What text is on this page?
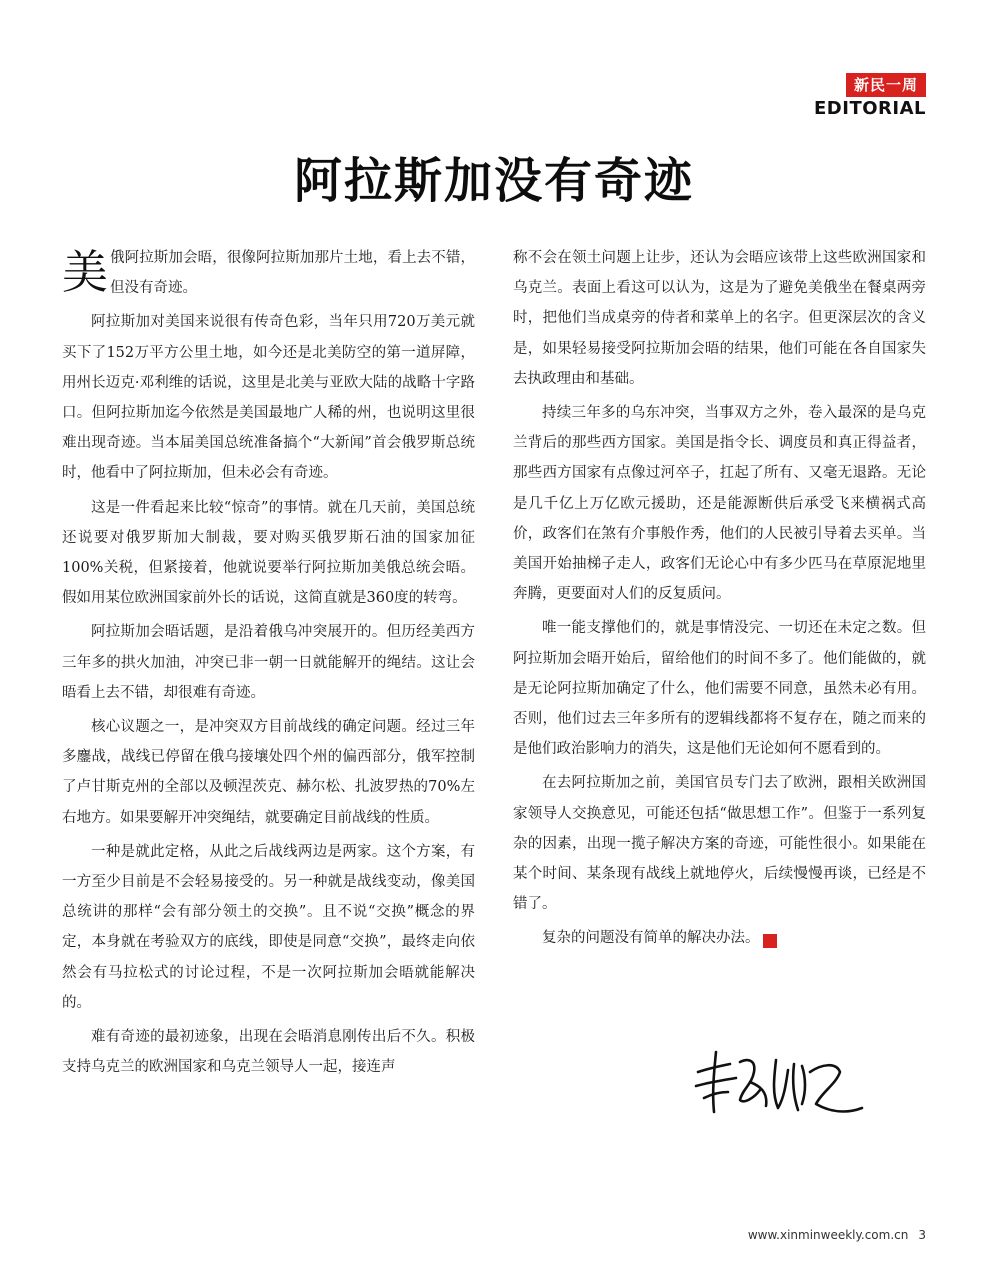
新民一周
EDITORIAL
阿拉斯加没有奇迹

美俄阿拉斯加会晤，很像阿拉斯加那片土地，看上去不错，但没有奇迹。

阿拉斯加对美国来说很有传奇色彩，当年只用720万美元就买下了152万平方公里土地，如今还是北美防空的第一道屏障，用州长迈克·邓利维的话说，这里是北美与亚欧大陆的战略十字路口。但阿拉斯加迄今依然是美国最地广人稀的州，也说明这里很难出现奇迹。当本届美国总统准备搞个“大新闻”首会俄罗斯总统时，他看中了阿拉斯加，但未必会有奇迹。

这是一件看起来比较“惊奇”的事情。就在几天前，美国总统还说要对俄罗斯加大制裁，要对购买俄罗斯石油的国家加征100%关税，但紧接着，他就说要举行阿拉斯加美俄总统会晤。假如用某位欧洲国家前外长的话说，这简直就是360度的转弯。

阿拉斯加会晤话题，是沿着俄乌冲突展开的。但历经美西方三年多的拱火加油，冲突已非一朝一日就能解开的绳结。这让会晤看上去不错，却很难有奇迹。

核心议题之一，是冲突双方目前战线的确定问题。经过三年多鏖战，战线已停留在俄乌接壤处四个州的偏西部分，俄军控制了卢甘斯克州的全部以及顿涅茨克、赫尔松、扎波罗热的70%左右地方。如果要解开冲突绳结，就要确定目前战线的性质。

一种是就此定格，从此之后战线两边是两家。这个方案，有一方至少目前是不会轻易接受的。另一种就是战线变动，像美国总统讲的那样“会有部分领土的交换”。且不说“交换”概念的界定，本身就在考验双方的底线，即使是同意“交换”，最终走向依然会有马拉松式的讨论过程，不是一次阿拉斯加会晤就能解决的。

难有奇迹的最初迹象，出现在会晤消息刚传出后不久。积极支持乌克兰的欧洲国家和乌克兰领导人一起，接连声

称不会在领土问题上让步，还认为会晤应该带上这些欧洲国家和乌克兰。表面上看这可以认为，这是为了避免美俄坐在餐桌两旁时，把他们当成桌旁的侍者和菜单上的名字。但更深层次的含义是，如果轻易接受阿拉斯加会晤的结果，他们可能在各自国家失去执政理由和基础。

持续三年多的乌东冲突，当事双方之外，卷入最深的是乌克兰背后的那些西方国家。美国是指令长、调度员和真正得益者，那些西方国家有点像过河卒子，扛起了所有、又毫无退路。无论是几千亿上万亿欧元援助，还是能源断供后承受飞来横祸式高价，政客们在煞有介事般作秀，他们的人民被引导着去买单。当美国开始抽梯子走人，政客们无论心中有多少匹马在草原泥地里奔腾，更要面对人们的反复质问。

唯一能支撑他们的，就是事情没完、一切还在未定之数。但阿拉斯加会晤开始后，留给他们的时间不多了。他们能做的，就是无论阿拉斯加确定了什么，他们需要不同意，虽然未必有用。否则，他们过去三年多所有的逻辑线都将不复存在，随之而来的是他们政治影响力的消失，这是他们无论如何不愿看到的。

在去阿拉斯加之前，美国官员专门去了欧洲，跟相关欧洲国家领导人交换意见，可能还包括“做思想工作”。但鉴于一系列复杂的因素，出现一揽子解决方案的奇迹，可能性很小。如果能在某个时间、某条现有战线上就地停火，后续慢慢再谈，已经是不错了。

复杂的问题没有简单的解决办法。	民

www.xinminweekly.com.cn 3
